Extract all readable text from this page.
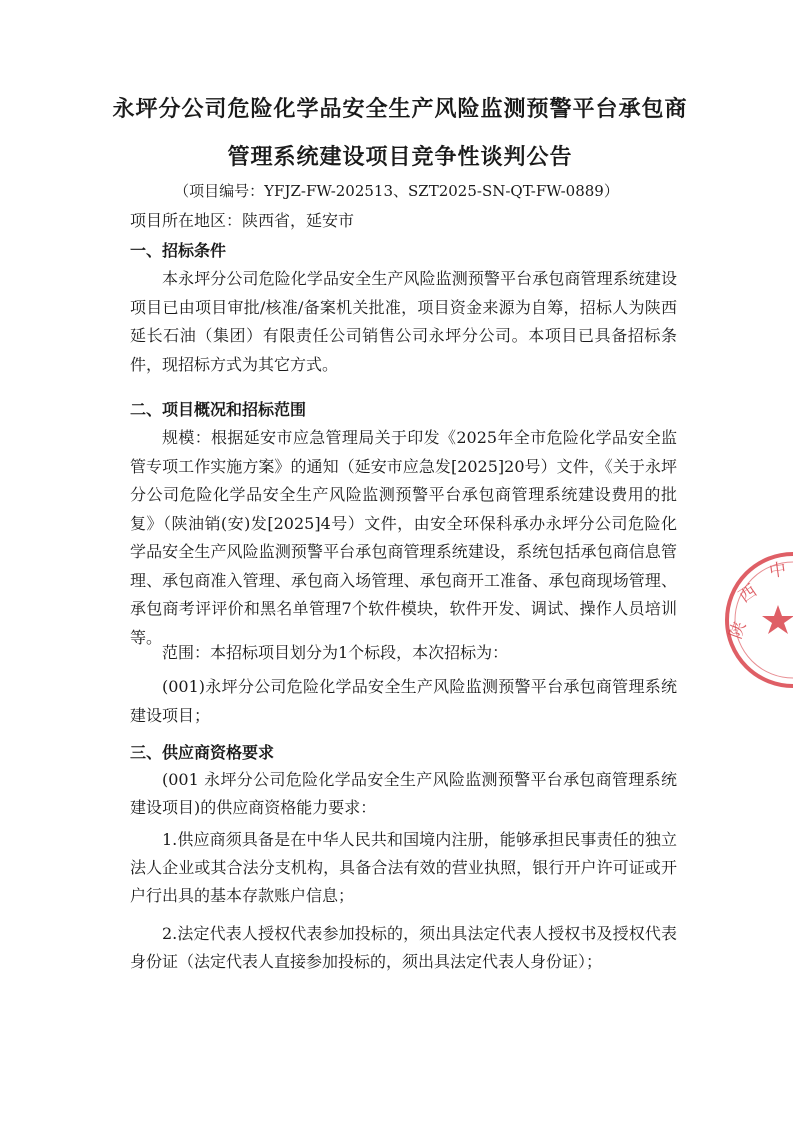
永坪分公司危险化学品安全生产风险监测预警平台承包商
管理系统建设项目竞争性谈判公告
（项目编号：YFJZ-FW-202513、SZT2025-SN-QT-FW-0889）
项目所在地区：陕西省，延安市
一、招标条件

本永坪分公司危险化学品安全生产风险监测预警平台承包商管理系统建设项目已由项目审批/核准/备案机关批准，项目资金来源为自筹，招标人为陕西延长石油（集团）有限责任公司销售公司永坪分公司。本项目已具备招标条件，现招标方式为其它方式。

二、项目概况和招标范围

规模：根据延安市应急管理局关于印发《2025年全市危险化学品安全监管专项工作实施方案》的通知（延安市应急发[2025]20号）文件，《关于永坪分公司危险化学品安全生产风险监测预警平台承包商管理系统建设费用的批复》（陕油销(安)发[2025]4号）文件，由安全环保科承办永坪分公司危险化学品安全生产风险监测预警平台承包商管理系统建设，系统包括承包商信息管理、承包商准入管理、承包商入场管理、承包商开工准备、承包商现场管理、承包商考评评价和黑名单管理7个软件模块，软件开发、调试、操作人员培训等。

范围：本招标项目划分为1个标段，本次招标为：

(001)永坪分公司危险化学品安全生产风险监测预警平台承包商管理系统建设项目；

三、供应商资格要求

(001 永坪分公司危险化学品安全生产风险监测预警平台承包商管理系统建设项目)的供应商资格能力要求：

1.供应商须具备是在中华人民共和国境内注册，能够承担民事责任的独立法人企业或其合法分支机构，具备合法有效的营业执照，银行开户许可证或开户行出具的基本存款账户信息；

2.法定代表人授权代表参加投标的，须出具法定代表人授权书及授权代表身份证（法定代表人直接参加投标的，须出具法定代表人身份证）；

陕
西
中
